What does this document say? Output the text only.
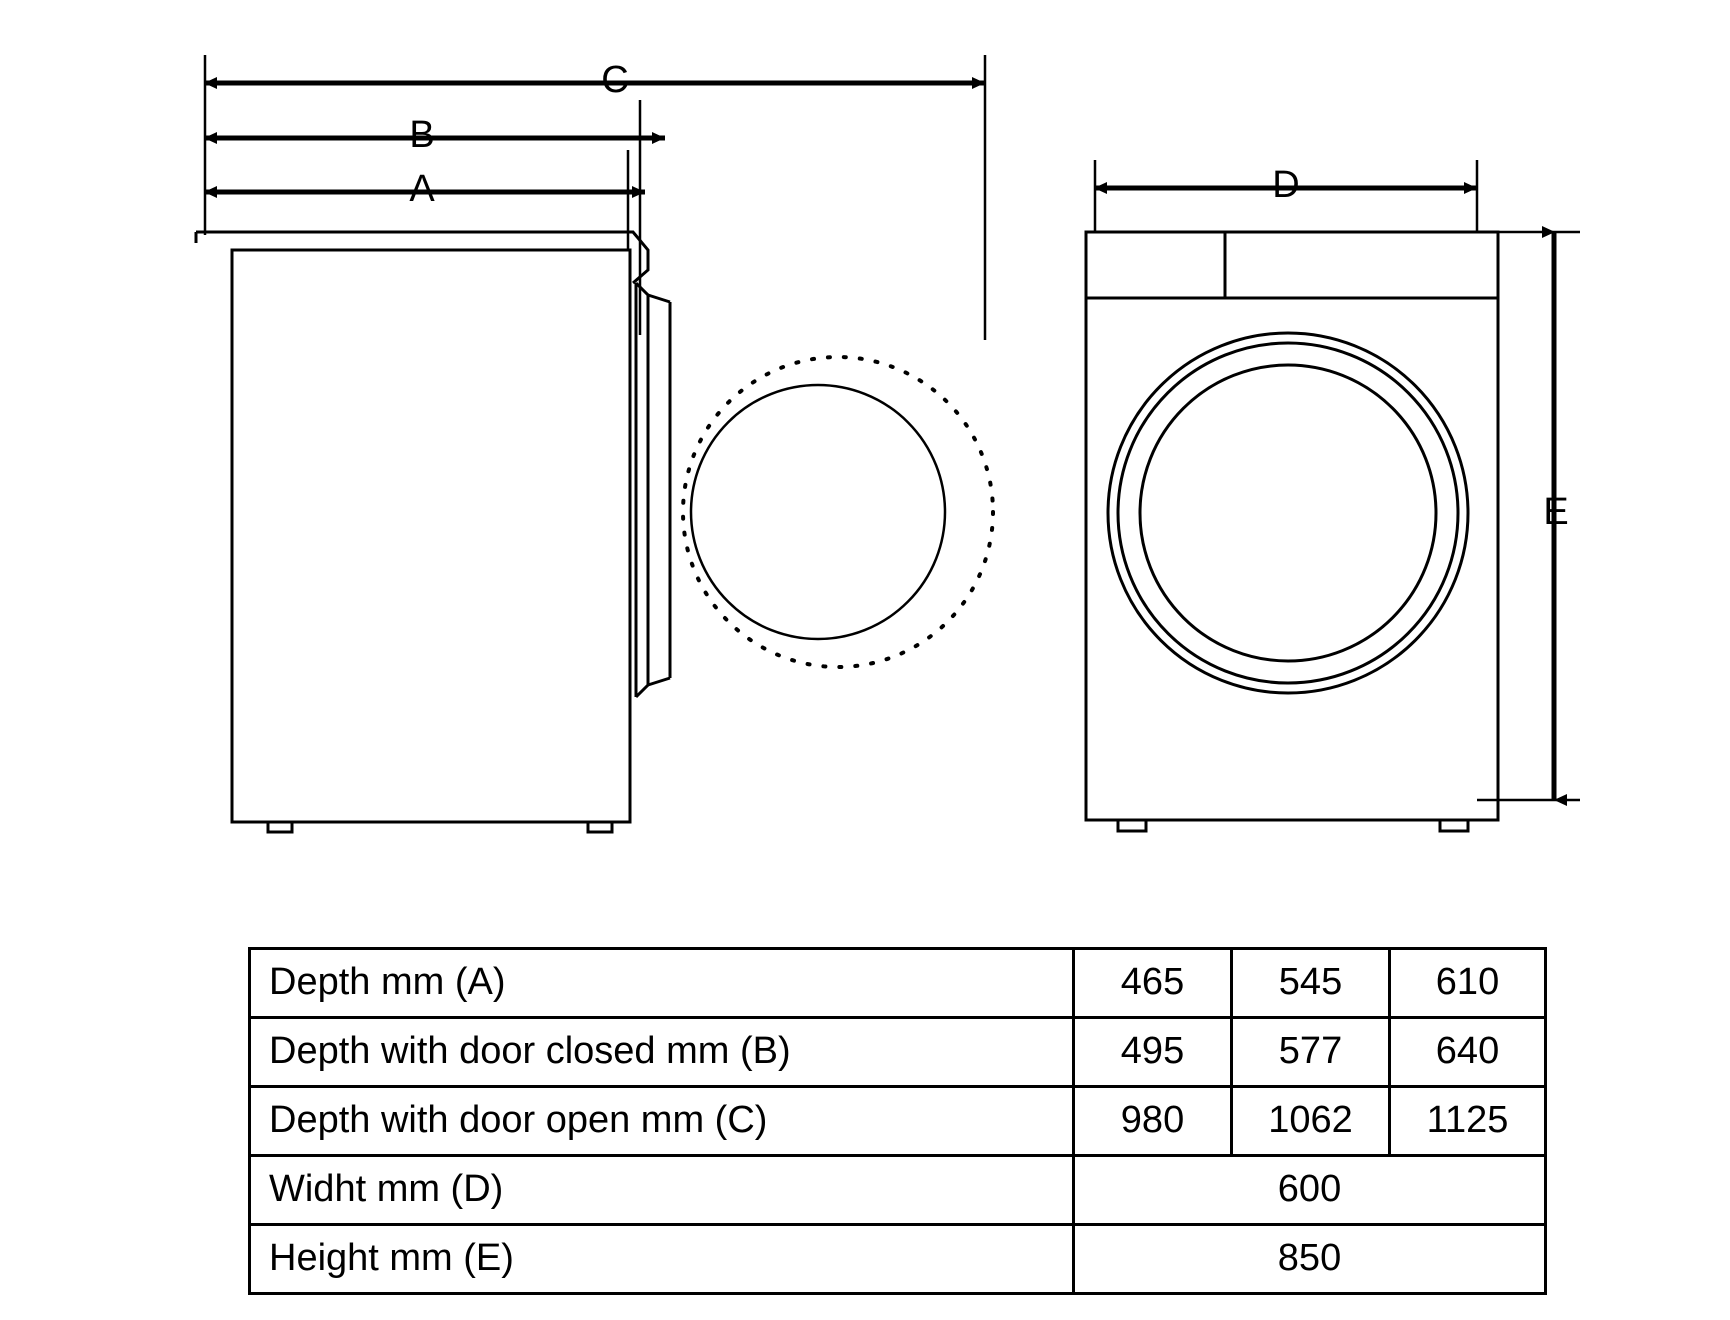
C
B
A	D
E
Depth mm (A)	465	545	610
Depth with door closed mm (B)	495	577	640
Depth with door open mm (C)	980	1062	1125
Widht mm (D)	600		
Height mm (E)	850		
